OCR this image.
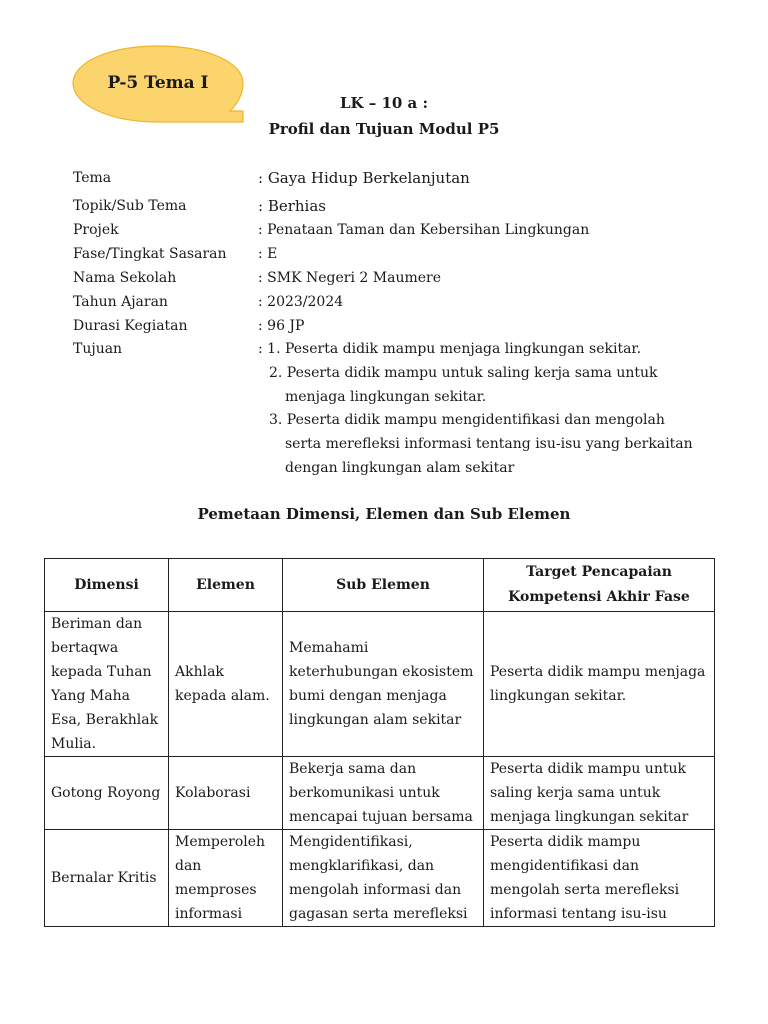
P-5 Tema I
LK – 10 a :
Profil dan Tujuan Modul P5
Tema	: Gaya Hidup Berkelanjutan
Topik/Sub Tema	: Berhias
Projek	: Penataan Taman dan Kebersihan Lingkungan
Fase/Tingkat Sasaran : E
Nama Sekolah	: SMK Negeri 2 Maumere
Tahun Ajaran	: 2023/2024
Durasi Kegiatan	: 96 JP
Tujuan	: 1. Peserta didik mampu menjaga lingkungan sekitar.
2. Peserta didik mampu untuk saling kerja sama untuk
menjaga lingkungan sekitar.
3. Peserta didik mampu mengidentifikasi dan mengolah
serta merefleksi informasi tentang isu-isu yang berkaitan
dengan lingkungan alam sekitar
Pemetaan Dimensi, Elemen dan Sub Elemen
Dimensi	Elemen	Sub Elemen	Target Pencapaian Kompetensi Akhir Fase
Beriman dan bertaqwa kepada Tuhan Yang Maha Esa, Berakhlak Mulia.	Akhlak kepada alam.	Memahami keterhubungan ekosistem bumi dengan menjaga lingkungan alam sekitar	Peserta didik mampu menjaga lingkungan sekitar.
Gotong Royong	Kolaborasi	Bekerja sama dan berkomunikasi untuk mencapai tujuan bersama	Peserta didik mampu untuk saling kerja sama untuk menjaga lingkungan sekitar
Bernalar Kritis	Memperoleh dan memproses informasi	Mengidentifikasi, mengklarifikasi, dan mengolah informasi dan gagasan serta merefleksi	Peserta didik mampu mengidentifikasi dan mengolah serta merefleksi informasi tentang isu-isu
